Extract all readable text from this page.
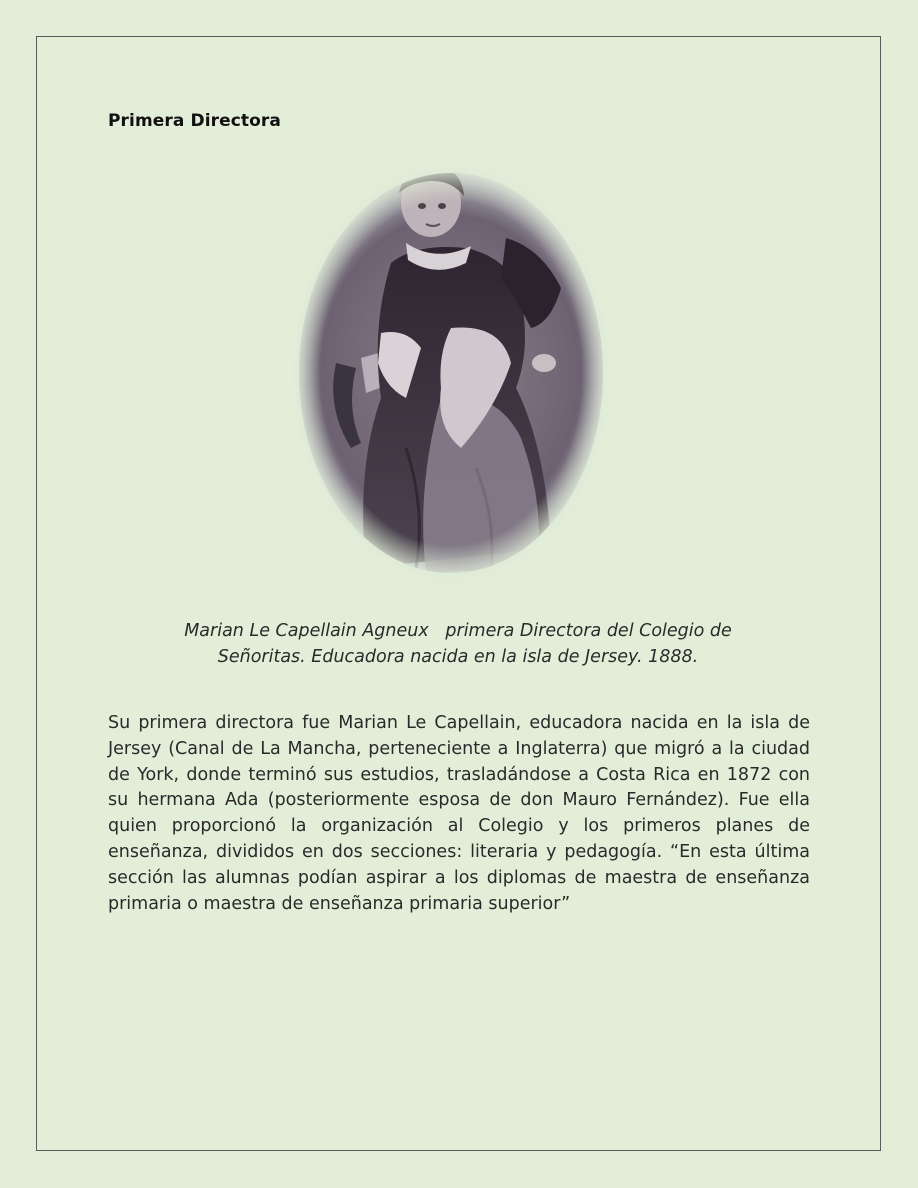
Primera Directora
Marian Le Capellain Agneux   primera Directora del Colegio de
Señoritas. Educadora nacida en la isla de Jersey. 1888.
Su primera directora fue Marian Le Capellain, educadora nacida en la isla de Jersey (Canal de La Mancha, perteneciente a Inglaterra) que migró a la ciudad de York, donde terminó sus estudios, trasladándose a Costa Rica en 1872 con su hermana Ada (posteriormente esposa de don Mauro Fernández). Fue ella quien proporcionó la organización al Colegio y los primeros planes de enseñanza, divididos en dos secciones: literaria y pedagogía. “En esta última sección las alumnas podían aspirar a los diplomas de maestra de enseñanza primaria o maestra de enseñanza primaria superior”
